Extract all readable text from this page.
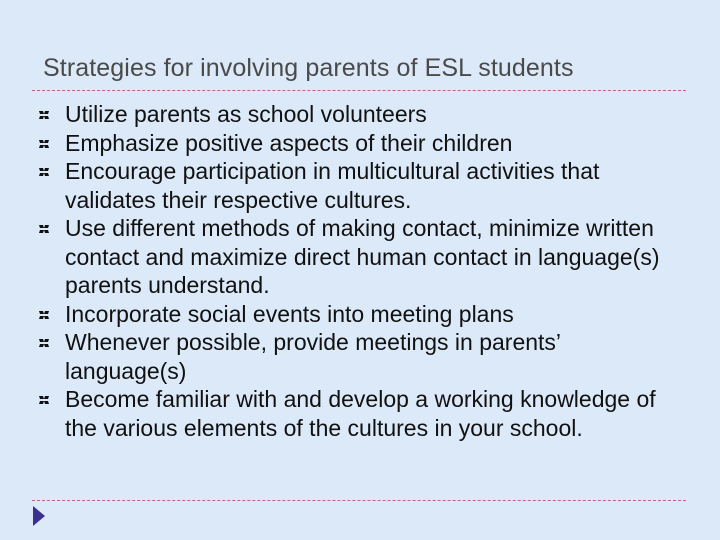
Strategies for involving parents of ESL students
Utilize parents as school volunteers
Emphasize positive aspects of their children
Encourage participation in multicultural activities that validates their respective cultures.
Use different methods of making contact, minimize written contact and maximize direct human contact in language(s) parents understand.
Incorporate social events into meeting plans
Whenever possible, provide meetings in parents’ language(s)
Become familiar with and develop a working knowledge of the various elements of the cultures in your school.
